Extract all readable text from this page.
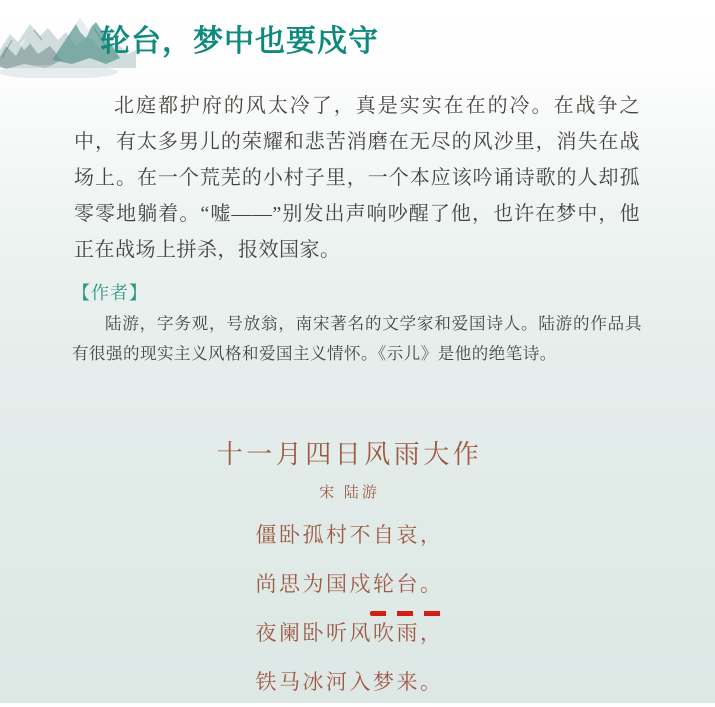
轮台，梦中也要戍守
北庭都护府的风太冷了，真是实实在在的冷。在战争之中，有太多男儿的荣耀和悲苦消磨在无尽的风沙里，消失在战场上。在一个荒芜的小村子里，一个本应该吟诵诗歌的人却孤零零地躺着。“嘘——”别发出声响吵醒了他，也许在梦中，他正在战场上拼杀，报效国家。
【作者】
陆游，字务观，号放翁，南宋著名的文学家和爱国诗人。陆游的作品具有很强的现实主义风格和爱国主义情怀。《示儿》是他的绝笔诗。
十一月四日风雨大作
宋 陆游
僵卧孤村不自哀，
尚思为国戍轮台。
夜阑卧听风吹雨，
铁马冰河入梦来。
